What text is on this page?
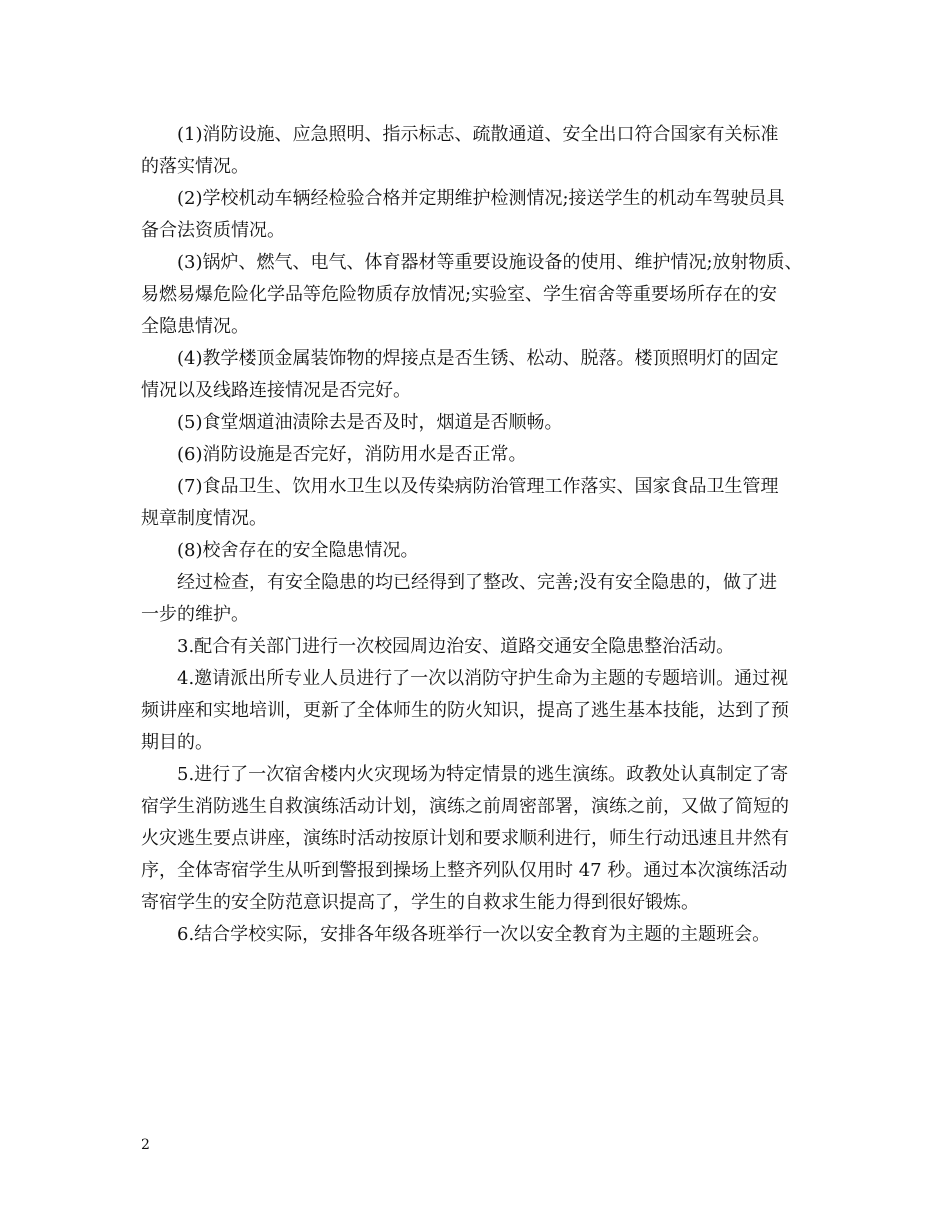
　　(1)消防设施、应急照明、指示标志、疏散通道、安全出口符合国家有关标准
的落实情况。
　　(2)学校机动车辆经检验合格并定期维护检测情况;接送学生的机动车驾驶员具
备合法资质情况。
　　(3)锅炉、燃气、电气、体育器材等重要设施设备的使用、维护情况;放射物质、
易燃易爆危险化学品等危险物质存放情况;实验室、学生宿舍等重要场所存在的安
全隐患情况。
　　(4)教学楼顶金属装饰物的焊接点是否生锈、松动、脱落。楼顶照明灯的固定
情况以及线路连接情况是否完好。
　　(5)食堂烟道油渍除去是否及时，烟道是否顺畅。
　　(6)消防设施是否完好，消防用水是否正常。
　　(7)食品卫生、饮用水卫生以及传染病防治管理工作落实、国家食品卫生管理
规章制度情况。
　　(8)校舍存在的安全隐患情况。
　　经过检查，有安全隐患的均已经得到了整改、完善;没有安全隐患的，做了进
一步的维护。
　　3.配合有关部门进行一次校园周边治安、道路交通安全隐患整治活动。
　　4.邀请派出所专业人员进行了一次以消防守护生命为主题的专题培训。通过视
频讲座和实地培训，更新了全体师生的防火知识，提高了逃生基本技能，达到了预
期目的。
　　5.进行了一次宿舍楼内火灾现场为特定情景的逃生演练。政教处认真制定了寄
宿学生消防逃生自救演练活动计划，演练之前周密部署，演练之前，又做了简短的
火灾逃生要点讲座，演练时活动按原计划和要求顺利进行，师生行动迅速且井然有
序，全体寄宿学生从听到警报到操场上整齐列队仅用时 47 秒。通过本次演练活动
寄宿学生的安全防范意识提高了，学生的自救求生能力得到很好锻炼。
　　6.结合学校实际，安排各年级各班举行一次以安全教育为主题的主题班会。
2
